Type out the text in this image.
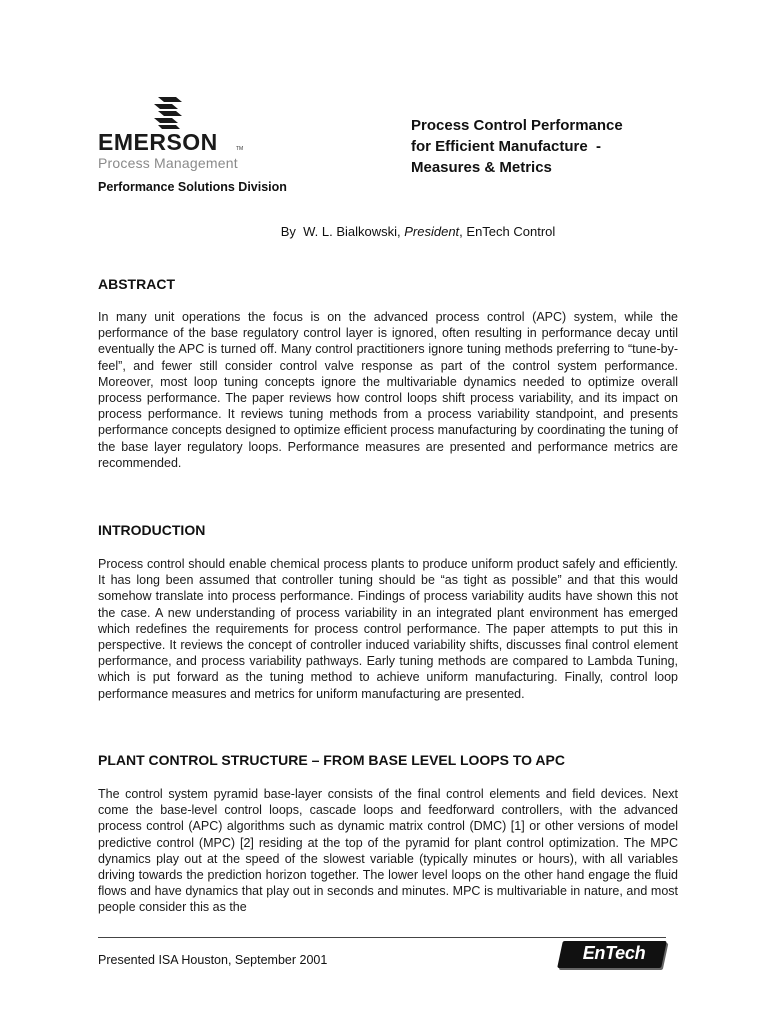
EMERSON	TM
Process Management
Performance Solutions Division
Process Control Performance
for Efficient Manufacture  -
Measures & Metrics
By  W. L. Bialkowski, President, EnTech Control
ABSTRACT

In many unit operations the focus is on the advanced process control (APC) system, while the performance of the base regulatory control layer is ignored, often resulting in performance decay until eventually the APC is turned off. Many control practitioners ignore tuning methods preferring to “tune-by-feel”, and fewer still consider control valve response as part of the control system performance. Moreover, most loop tuning concepts ignore the multivariable dynamics needed to optimize overall process performance. The paper reviews how control loops shift process variability, and its impact on process performance. It reviews tuning methods from a process variability standpoint, and presents performance concepts designed to optimize efficient process manufacturing by coordinating the tuning of the base layer regulatory loops. Performance measures are presented and performance metrics are recommended.

INTRODUCTION

Process control should enable chemical process plants to produce uniform product safely and efficiently. It has long been assumed that controller tuning should be “as tight as possible” and that this would somehow translate into process performance. Findings of process variability audits have shown this not the case. A new understanding of process variability in an integrated plant environment has emerged which redefines the requirements for process control performance. The paper attempts to put this in perspective. It reviews the concept of controller induced variability shifts, discusses final control element performance, and process variability pathways. Early tuning methods are compared to Lambda Tuning, which is put forward as the tuning method to achieve uniform manufacturing. Finally, control loop performance measures and metrics for uniform manufacturing are presented.

PLANT CONTROL STRUCTURE – FROM BASE LEVEL LOOPS TO APC

The control system pyramid base-layer consists of the final control elements and field devices. Next come the base-level control loops, cascade loops and feedforward controllers, with the advanced process control (APC) algorithms such as dynamic matrix control (DMC) [1] or other versions of model predictive control (MPC) [2] residing at the top of the pyramid for plant control optimization. The MPC dynamics play out at the speed of the slowest variable (typically minutes or hours), with all variables driving towards the prediction horizon together. The lower level loops on the other hand engage the fluid flows and have dynamics that play out in seconds and minutes. MPC is multivariable in nature, and most people consider this as the

Presented ISA Houston, September 2001	EnTech
